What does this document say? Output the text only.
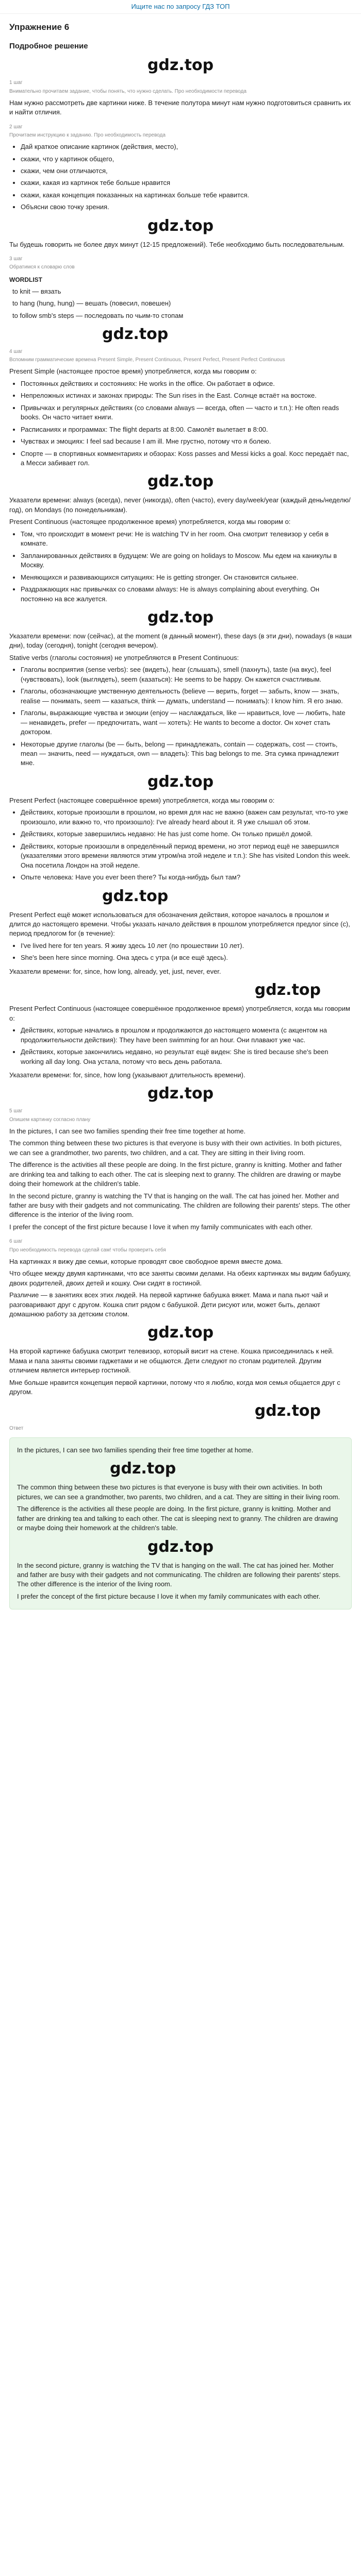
Ищите нас по запросу ГДЗ ТОП
Упражнение 6
Подробное решение
gdz.top
1 шаг
Внимательно прочитаем задание, чтобы понять, что нужно сделать. Про необходимости перевода

Нам нужно рассмотреть две картинки ниже. В течение полутора минут нам нужно подготовиться сравнить их и найти отличия.

2 шаг
Прочитаем инструкцию к заданию. Про необходимость перевода
• Дай краткое описание картинок (действия, место),
• скажи, что у картинок общего,
• скажи, чем они отличаются,
• скажи, какая из картинок тебе больше нравится
• скажи, какая концепция показанных на картинках больше тебе нравится.
• Объясни свою точку зрения.
gdz.top

Ты будешь говорить не более двух минут (12-15 предложений). Тебе необходимо быть последовательным.

3 шаг
Обратимся к словарю слов
WORDLIST
to knit — вязать
to hang (hung, hung) — вешать (повесил, повешен)
to follow smb's steps — последовать по чьим-то стопам
gdz.top
4 шаг
Вспомним грамматические времена Present Simple, Present Continuous, Present Perfect, Present Perfect Continuous

Present Simple (настоящее простое время) употребляется, когда мы говорим о:

• Постоянных действиях и состояниях: He works in the office. Он работает в офисе.
• Непреложных истинах и законах природы: The Sun rises in the East. Солнце встаёт на востоке.
• Привычках и регулярных действиях (со словами always — всегда, often — часто и т.п.): He often reads books. Он часто читает книги.
• Расписаниях и программах: The flight departs at 8:00. Самолёт вылетает в 8:00.
• Чувствах и эмоциях: I feel sad because I am ill. Мне грустно, потому что я болею.
• Спорте — в спортивных комментариях и обзорах: Koss passes and Messi kicks a goal. Косс передаёт пас, а Месси забивает гол.
gdz.top

Указатели времени: always (всегда), never (никогда), often (часто), every day/week/year (каждый день/неделю/год), on Mondays (по понедельникам).

Present Continuous (настоящее продолженное время) употребляется, когда мы говорим о:

• Том, что происходит в момент речи: He is watching TV in her room. Она смотрит телевизор у себя в комнате.
• Запланированных действиях в будущем: We are going on holidays to Moscow. Мы едем на каникулы в Москву.
• Меняющихся и развивающихся ситуациях: He is getting stronger. Он становится сильнее.
• Раздражающих нас привычках со словами always: He is always complaining about everything. Он постоянно на все жалуется.
gdz.top

Указатели времени: now (сейчас), at the moment (в данный момент), these days (в эти дни), nowadays (в наши дни), today (сегодня), tonight (сегодня вечером).

Stative verbs (глаголы состояния) не употребляются в Present Continuous:

• Глаголы восприятия (sense verbs): see (видеть), hear (слышать), smell (пахнуть), taste (на вкус), feel (чувствовать), look (выглядеть), seem (казаться): He seems to be happy. Он кажется счастливым.
• Глаголы, обозначающие умственную деятельность (believe — верить, forget — забыть, know — знать, realise — понимать, seem — казаться, think — думать, understand — понимать): I know him. Я его знаю.
• Глаголы, выражающие чувства и эмоции (enjoy — наслаждаться, like — нравиться, love — любить, hate — ненавидеть, prefer — предпочитать, want — хотеть): He wants to become a doctor. Он хочет стать доктором.
• Некоторые другие глаголы (be — быть, belong — принадлежать, contain — содержать, cost — стоить, mean — значить, need — нуждаться, own — владеть): This bag belongs to me. Эта сумка принадлежит мне.
gdz.top

Present Perfect (настоящее совершённое время) употребляется, когда мы говорим о:

• Действиях, которые произошли в прошлом, но время для нас не важно (важен сам результат, что-то уже произошло, или важно то, что произошло): I've already heard about it. Я уже слышал об этом.
• Действиях, которые завершились недавно: He has just come home. Он только пришёл домой.
• Действиях, которые произошли в определённый период времени, но этот период ещё не завершился (указателями этого времени являются этим утром/на этой неделе и т.п.): She has visited London this week. Она посетила Лондон на этой неделе.
• Опыте человека: Have you ever been there? Ты когда-нибудь был там?
gdz.top

Present Perfect ещё может использоваться для обозначения действия, которое началось в прошлом и длится до настоящего времени. Чтобы указать начало действия в прошлом употребляется предлог since (с), период предлогом for (в течение):

• I've lived here for ten years. Я живу здесь 10 лет (по прошествии 10 лет).
• She's been here since morning. Она здесь с утра (и все ещё здесь).

Указатели времени: for, since, how long, already, yet, just, never, ever.

gdz.top

Present Perfect Continuous (настоящее совершённое продолженное время) употребляется, когда мы говорим о:

• Действиях, которые начались в прошлом и продолжаются до настоящего момента (с акцентом на продолжительности действия): They have been swimming for an hour. Они плавают уже час.
• Действиях, которые закончились недавно, но результат ещё виден: She is tired because she's been working all day long. Она устала, потому что весь день работала.

Указатели времени: for, since, how long (указывают длительность времени).

gdz.top
5 шаг
Опишем картинку согласно плану

In the pictures, I can see two families spending their free time together at home.

The common thing between these two pictures is that everyone is busy with their own activities. In both pictures, we can see a grandmother, two parents, two children, and a cat. They are sitting in their living room.

The difference is the activities all these people are doing. In the first picture, granny is knitting. Mother and father are drinking tea and talking to each other. The cat is sleeping next to granny. The children are drawing or maybe doing their homework at the children's table.

In the second picture, granny is watching the TV that is hanging on the wall. The cat has joined her. Mother and father are busy with their gadgets and not communicating. The children are following their parents' steps. The other difference is the interior of the living room.

I prefer the concept of the first picture because I love it when my family communicates with each other.

6 шаг
Про необходимость перевода сделай сам! чтобы проверить себя

На картинках я вижу две семьи, которые проводят свое свободное время вместе дома.

Что общее между двумя картинками, что все заняты своими делами. На обеих картинках мы видим бабушку, двоих родителей, двоих детей и кошку. Они сидят в гостиной.

Различие — в занятиях всех этих людей. На первой картинке бабушка вяжет. Мама и папа пьют чай и разговаривают друг с другом. Кошка спит рядом с бабушкой. Дети рисуют или, может быть, делают домашнюю работу за детским столом.

gdz.top

На второй картинке бабушка смотрит телевизор, который висит на стене. Кошка присоединилась к ней. Мама и папа заняты своими гаджетами и не общаются. Дети следуют по стопам родителей. Другим отличием является интерьер гостиной.

Мне больше нравится концепция первой картинки, потому что я люблю, когда моя семья общается друг с другом.

gdz.top
Ответ

In the pictures, I can see two families spending their free time together at home.

gdz.top

The common thing between these two pictures is that everyone is busy with their own activities. In both pictures, we can see a grandmother, two parents, two children, and a cat. They are sitting in their living room.

The difference is the activities all these people are doing. In the first picture, granny is knitting. Mother and father are drinking tea and talking to each other. The cat is sleeping next to granny. The children are drawing or maybe doing their homework at the children's table.

gdz.top

In the second picture, granny is watching the TV that is hanging on the wall. The cat has joined her. Mother and father are busy with their gadgets and not communicating. The children are following their parents' steps. The other difference is the interior of the living room.

I prefer the concept of the first picture because I love it when my family communicates with each other.
